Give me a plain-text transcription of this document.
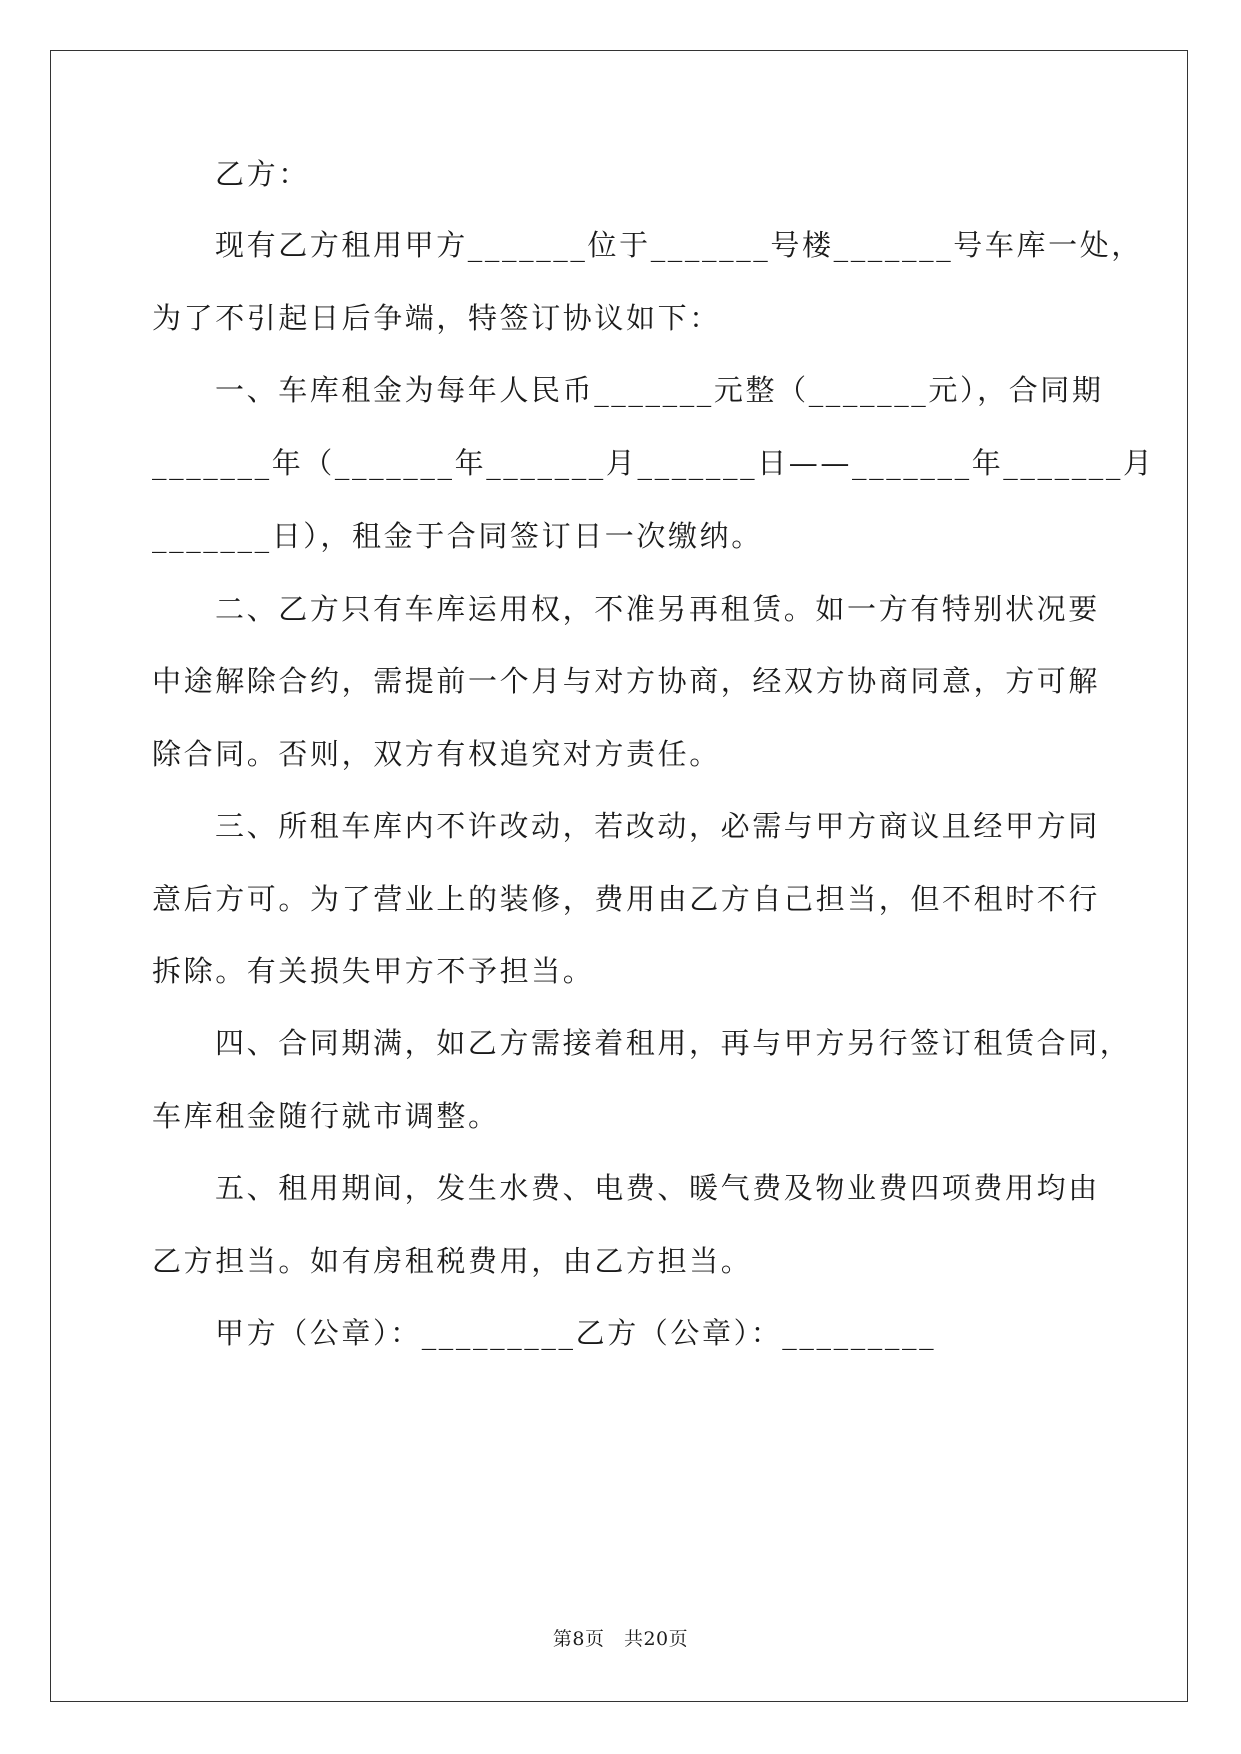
乙方：
现有乙方租用甲方_______位于_______号楼_______号车库一处，
为了不引起日后争端，特签订协议如下：
一、车库租金为每年人民币_______元整（_______元），合同期
_______年（_______年_______月_______日——_______年_______月
_______日），租金于合同签订日一次缴纳。
二、乙方只有车库运用权，不准另再租赁。如一方有特别状况要
中途解除合约，需提前一个月与对方协商，经双方协商同意，方可解
除合同。否则，双方有权追究对方责任。
三、所租车库内不许改动，若改动，必需与甲方商议且经甲方同
意后方可。为了营业上的装修，费用由乙方自己担当，但不租时不行
拆除。有关损失甲方不予担当。
四、合同期满，如乙方需接着租用，再与甲方另行签订租赁合同，
车库租金随行就市调整。
五、租用期间，发生水费、电费、暖气费及物业费四项费用均由
乙方担当。如有房租税费用，由乙方担当。
甲方（公章）：_________乙方（公章）：_________
第8页　共20页
